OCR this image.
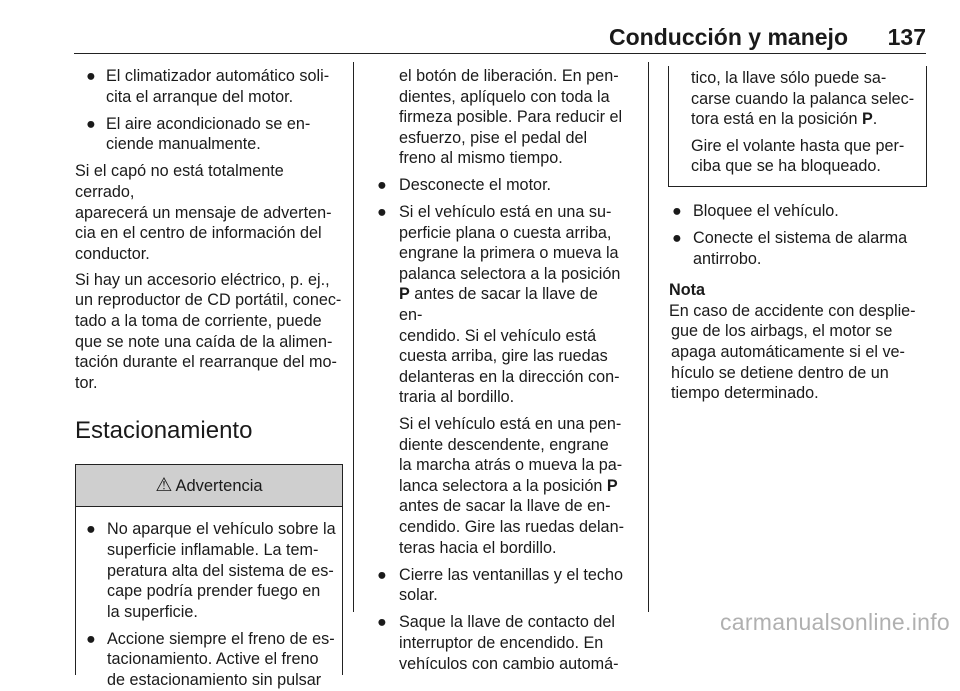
Conducción y manejo 137
● El climatizador automático soli-
cita el arranque del motor.
● El aire acondicionado se en-
ciende manualmente.

Si el capó no está totalmente cerrado,
aparecerá un mensaje de adverten-
cia en el centro de información del
conductor.

Si hay un accesorio eléctrico, p. ej.,
un reproductor de CD portátil, conec-
tado a la toma de corriente, puede
que se note una caída de la alimen-
tación durante el rearranque del mo-
tor.

Estacionamiento
⚠ Advertencia
● No aparque el vehículo sobre la
superficie inflamable. La tem-
peratura alta del sistema de es-
cape podría prender fuego en
la superficie.
● Accione siempre el freno de es-
tacionamiento. Active el freno
de estacionamiento sin pulsar

el botón de liberación. En pen-
dientes, aplíquelo con toda la
firmeza posible. Para reducir el
esfuerzo, pise el pedal del
freno al mismo tiempo.

● Desconecte el motor.
● Si el vehículo está en una su-
perficie plana o cuesta arriba,
engrane la primera o mueva la
palanca selectora a la posición
P antes de sacar la llave de en-
cendido. Si el vehículo está
cuesta arriba, gire las ruedas
delanteras en la dirección con-
traria al bordillo.
Si el vehículo está en una pen-
diente descendente, engrane
la marcha atrás o mueva la pa-
lanca selectora a la posición P
antes de sacar la llave de en-
cendido. Gire las ruedas delan-
teras hacia el bordillo.
● Cierre las ventanillas y el techo
solar.
● Saque la llave de contacto del
interruptor de encendido. En
vehículos con cambio automá-

tico, la llave sólo puede sa-
carse cuando la palanca selec-
tora está en la posición P.

Gire el volante hasta que per-
ciba que se ha bloqueado.

● Bloquee el vehículo.
● Conecte el sistema de alarma
antirrobo.

Nota

En caso de accidente con desplie-
gue de los airbags, el motor se
apaga automáticamente si el ve-
hículo se detiene dentro de un
tiempo determinado.

carmanualsonline.info
